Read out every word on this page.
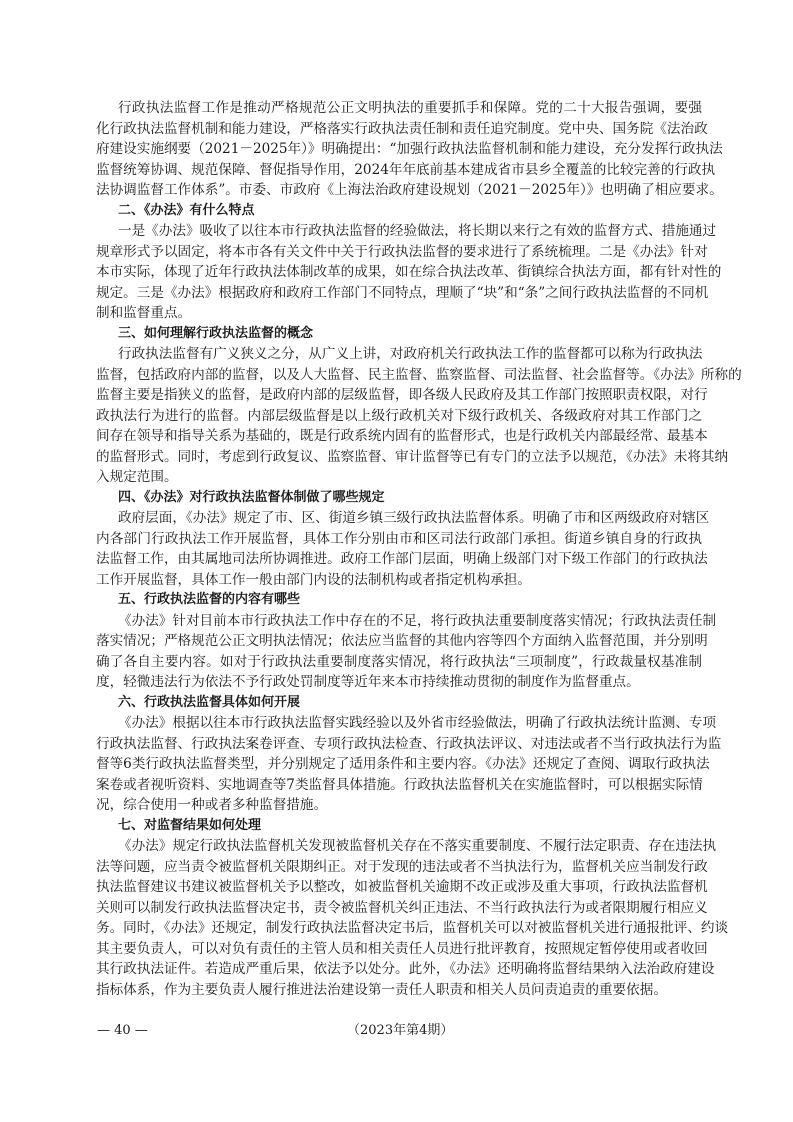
行政执法监督工作是推动严格规范公正文明执法的重要抓手和保障。党的二十大报告强调，要强
化行政执法监督机制和能力建设，严格落实行政执法责任制和责任追究制度。党中央、国务院《法治政
府建设实施纲要（2021－2025年）》明确提出：“加强行政执法监督机制和能力建设，充分发挥行政执法
监督统筹协调、规范保障、督促指导作用，2024年年底前基本建成省市县乡全覆盖的比较完善的行政执
法协调监督工作体系”。市委、市政府《上海法治政府建设规划（2021－2025年）》也明确了相应要求。
二、《办法》有什么特点
一是《办法》吸收了以往本市行政执法监督的经验做法，将长期以来行之有效的监督方式、措施通过
规章形式予以固定，将本市各有关文件中关于行政执法监督的要求进行了系统梳理。二是《办法》针对
本市实际，体现了近年行政执法体制改革的成果，如在综合执法改革、街镇综合执法方面，都有针对性的
规定。三是《办法》根据政府和政府工作部门不同特点，理顺了“块”和“条”之间行政执法监督的不同机
制和监督重点。
三、如何理解行政执法监督的概念
行政执法监督有广义狭义之分，从广义上讲，对政府机关行政执法工作的监督都可以称为行政执法
监督，包括政府内部的监督，以及人大监督、民主监督、监察监督、司法监督、社会监督等。《办法》所称的
监督主要是指狭义的监督，是政府内部的层级监督，即各级人民政府及其工作部门按照职责权限，对行
政执法行为进行的监督。内部层级监督是以上级行政机关对下级行政机关、各级政府对其工作部门之
间存在领导和指导关系为基础的，既是行政系统内固有的监督形式，也是行政机关内部最经常、最基本
的监督形式。同时，考虑到行政复议、监察监督、审计监督等已有专门的立法予以规范，《办法》未将其纳
入规定范围。
四、《办法》对行政执法监督体制做了哪些规定
政府层面，《办法》规定了市、区、街道乡镇三级行政执法监督体系。明确了市和区两级政府对辖区
内各部门行政执法工作开展监督，具体工作分别由市和区司法行政部门承担。街道乡镇自身的行政执
法监督工作，由其属地司法所协调推进。政府工作部门层面，明确上级部门对下级工作部门的行政执法
工作开展监督，具体工作一般由部门内设的法制机构或者指定机构承担。
五、行政执法监督的内容有哪些
《办法》针对目前本市行政执法工作中存在的不足，将行政执法重要制度落实情况；行政执法责任制
落实情况；严格规范公正文明执法情况；依法应当监督的其他内容等四个方面纳入监督范围，并分别明
确了各自主要内容。如对于行政执法重要制度落实情况，将行政执法“三项制度”，行政裁量权基准制
度，轻微违法行为依法不予行政处罚制度等近年来本市持续推动贯彻的制度作为监督重点。
六、行政执法监督具体如何开展
《办法》根据以往本市行政执法监督实践经验以及外省市经验做法，明确了行政执法统计监测、专项
行政执法监督、行政执法案卷评查、专项行政执法检查、行政执法评议、对违法或者不当行政执法行为监
督等6类行政执法监督类型，并分别规定了适用条件和主要内容。《办法》还规定了查阅、调取行政执法
案卷或者视听资料、实地调查等7类监督具体措施。行政执法监督机关在实施监督时，可以根据实际情
况，综合使用一种或者多种监督措施。
七、对监督结果如何处理
《办法》规定行政执法监督机关发现被监督机关存在不落实重要制度、不履行法定职责、存在违法执
法等问题，应当责令被监督机关限期纠正。对于发现的违法或者不当执法行为，监督机关应当制发行政
执法监督建议书建议被监督机关予以整改，如被监督机关逾期不改正或涉及重大事项，行政执法监督机
关则可以制发行政执法监督决定书，责令被监督机关纠正违法、不当行政执法行为或者限期履行相应义
务。同时，《办法》还规定，制发行政执法监督决定书后，监督机关可以对被监督机关进行通报批评、约谈
其主要负责人，可以对负有责任的主管人员和相关责任人员进行批评教育，按照规定暂停使用或者收回
其行政执法证件。若造成严重后果，依法予以处分。此外，《办法》还明确将监督结果纳入法治政府建设
指标体系，作为主要负责人履行推进法治建设第一责任人职责和相关人员问责追责的重要依据。
— 40 —	（2023年第4期）
